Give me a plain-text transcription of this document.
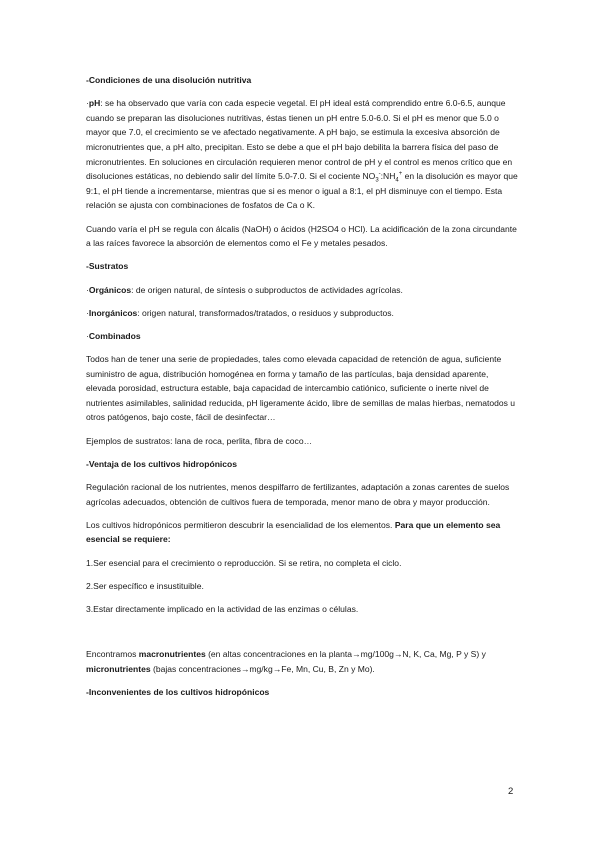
-Condiciones de una disolución nutritiva

·pH: se ha observado que varía con cada especie vegetal. El pH ideal está comprendido entre 6.0-6.5, aunque cuando se preparan las disoluciones nutritivas, éstas tienen un pH entre 5.0-6.0. Si el pH es menor que 5.0 o mayor que 7.0, el crecimiento se ve afectado negativamente. A pH bajo, se estimula la excesiva absorción de micronutrientes que, a pH alto, precipitan. Esto se debe a que el pH bajo debilita la barrera física del paso de micronutrientes. En soluciones en circulación requieren menor control de pH y el control es menos crítico que en disoluciones estáticas, no debiendo salir del límite 5.0-7.0. Si el cociente $NO_3^-:NH_4^+$ en la disolución es mayor que 9:1, el pH tiende a incrementarse, mientras que si es menor o igual a 8:1, el pH disminuye con el tiempo. Esta relación se ajusta con combinaciones de fosfatos de Ca o K.

Cuando varía el pH se regula con álcalis (NaOH) o ácidos (H2SO4 o HCl). La acidificación de la zona circundante a las raíces favorece la absorción de elementos como el Fe y metales pesados.

-Sustratos

·Orgánicos: de origen natural, de síntesis o subproductos de actividades agrícolas.

·Inorgánicos: origen natural, transformados/tratados, o residuos y subproductos.

·Combinados

Todos han de tener una serie de propiedades, tales como elevada capacidad de retención de agua, suficiente suministro de agua, distribución homogénea en forma y tamaño de las partículas, baja densidad aparente, elevada porosidad, estructura estable, baja capacidad de intercambio catiónico, suficiente o inerte nivel de nutrientes asimilables, salinidad reducida, pH ligeramente ácido, libre de semillas de malas hierbas, nematodos u otros patógenos, bajo coste, fácil de desinfectar…

Ejemplos de sustratos: lana de roca, perlita, fibra de coco…

-Ventaja de los cultivos hidropónicos

Regulación racional de los nutrientes, menos despilfarro de fertilizantes, adaptación a zonas carentes de suelos agrícolas adecuados, obtención de cultivos fuera de temporada, menor mano de obra y mayor producción.

Los cultivos hidropónicos permitieron descubrir la esencialidad de los elementos. Para que un elemento sea esencial se requiere:

1.Ser esencial para el crecimiento o reproducción. Si se retira, no completa el ciclo.

2.Ser específico e insustituible.

3.Estar directamente implicado en la actividad de las enzimas o células.

Encontramos macronutrientes (en altas concentraciones en la planta→mg/100g→N, K, Ca, Mg, P y S) y micronutrientes (bajas concentraciones→mg/kg→Fe, Mn, Cu, B, Zn y Mo).

-Inconvenientes de los cultivos hidropónicos

2
